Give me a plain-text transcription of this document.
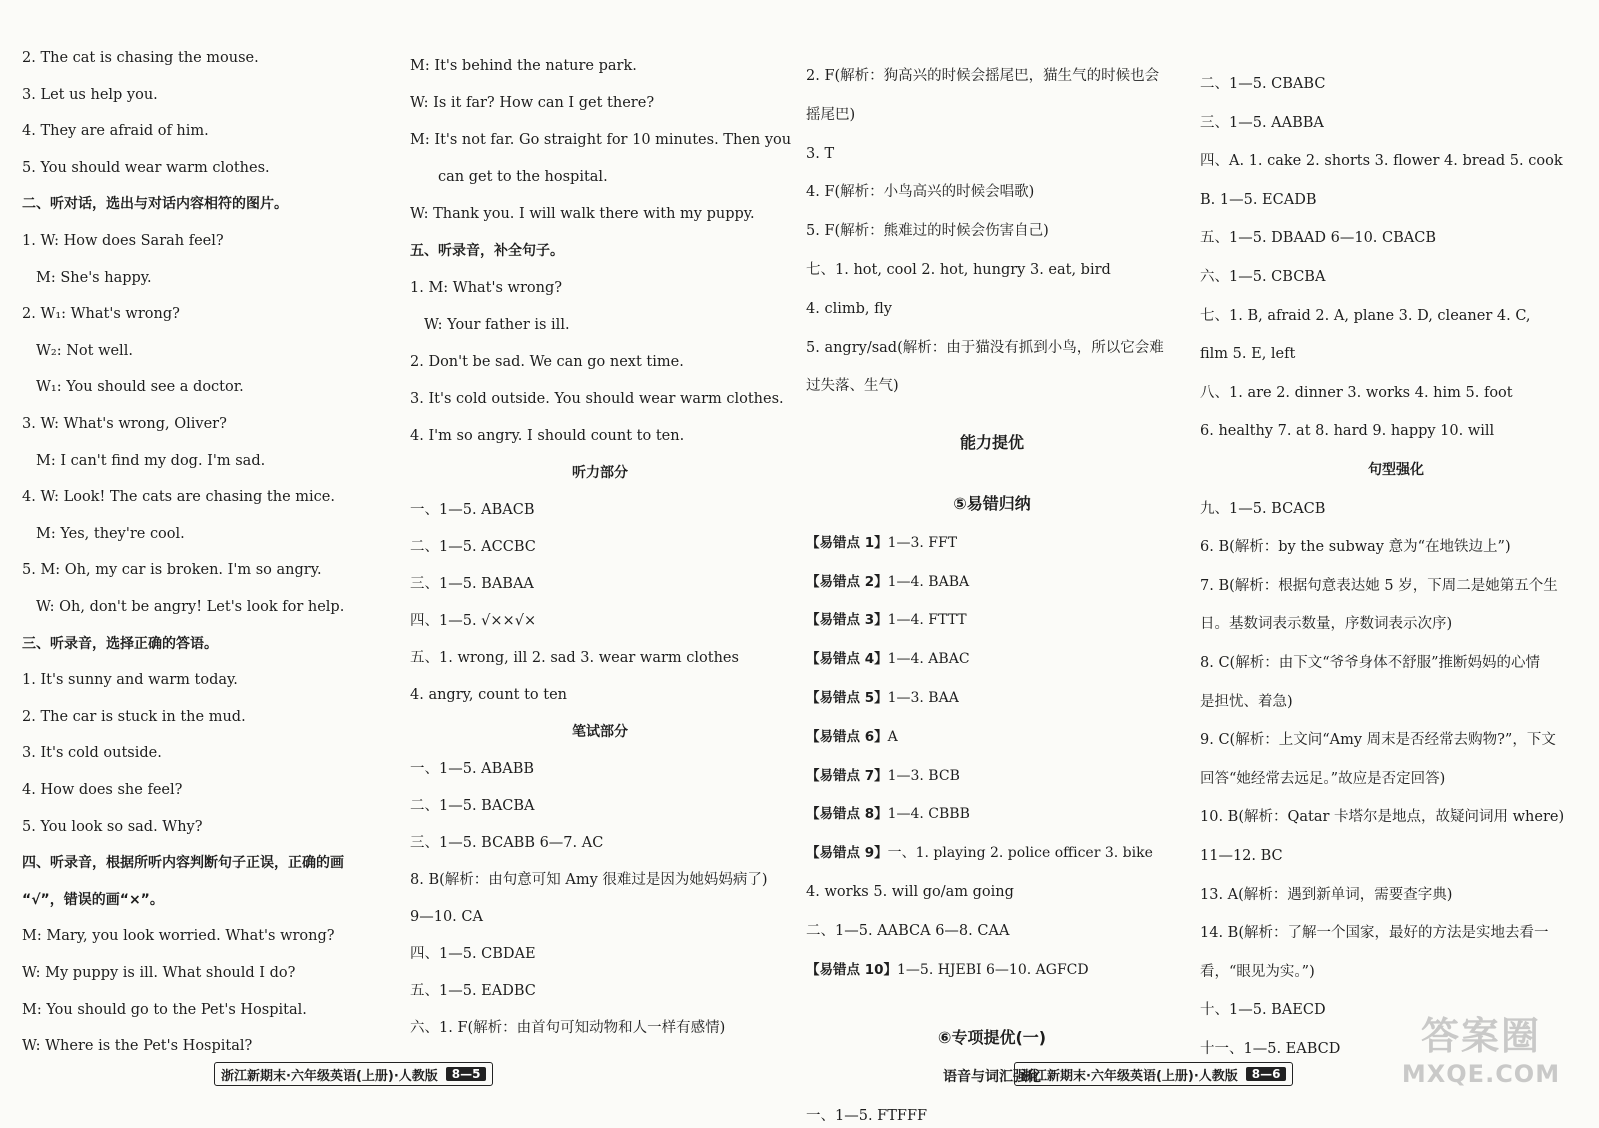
2. The cat is chasing the mouse.
3. Let us help you.
4. They are afraid of him.
5. You should wear warm clothes.
二、听对话，选出与对话内容相符的图片。
1. W: How does Sarah feel?
M: She's happy.
2. W₁: What's wrong?
W₂: Not well.
W₁: You should see a doctor.
3. W: What's wrong, Oliver?
M: I can't find my dog. I'm sad.
4. W: Look! The cats are chasing the mice.
M: Yes, they're cool.
5. M: Oh, my car is broken. I'm so angry.
W: Oh, don't be angry! Let's look for help.
三、听录音，选择正确的答语。
1. It's sunny and warm today.
2. The car is stuck in the mud.
3. It's cold outside.
4. How does she feel?
5. You look so sad. Why?
四、听录音，根据所听内容判断句子正误，正确的画
“√”，错误的画“×”。
M: Mary, you look worried. What's wrong?
W: My puppy is ill. What should I do?
M: You should go to the Pet's Hospital.
W: Where is the Pet's Hospital?
M: It's behind the nature park.
W: Is it far? How can I get there?
M: It's not far. Go straight for 10 minutes. Then you
can get to the hospital.
W: Thank you. I will walk there with my puppy.
五、听录音，补全句子。
1. M: What's wrong?
W: Your father is ill.
2. Don't be sad. We can go next time.
3. It's cold outside. You should wear warm clothes.
4. I'm so angry. I should count to ten.
听力部分
一、1—5. ABACB
二、1—5. ACCBC
三、1—5. BABAA
四、1—5. √××√×
五、1. wrong, ill 2. sad 3. wear warm clothes
4. angry, count to ten
笔试部分
一、1—5. ABABB
二、1—5. BACBA
三、1—5. BCABB 6—7. AC
8. B(解析：由句意可知 Amy 很难过是因为她妈妈病了)
9—10. CA
四、1—5. CBDAE
五、1—5. EADBC
六、1. F(解析：由首句可知动物和人一样有感情)
浙江新期末·六年级英语(上册)·人教版	8—5
2. F(解析：狗高兴的时候会摇尾巴，猫生气的时候也会
摇尾巴)
3. T
4. F(解析：小鸟高兴的时候会唱歌)
5. F(解析：熊难过的时候会伤害自己)
七、1. hot, cool 2. hot, hungry 3. eat, bird
4. climb, fly
5. angry/sad(解析：由于猫没有抓到小鸟，所以它会难
过失落、生气)
能力提优
⑤易错归纳
【易错点 1】1—3. FFT
【易错点 2】1—4. BABA
【易错点 3】1—4. FTTT
【易错点 4】1—4. ABAC
【易错点 5】1—3. BAA
【易错点 6】A
【易错点 7】1—3. BCB
【易错点 8】1—4. CBBB
【易错点 9】一、1. playing 2. police officer 3. bike
4. works 5. will go/am going
二、1—5. AABCA 6—8. CAA
【易错点 10】1—5. HJEBI 6—10. AGFCD
⑥专项提优(一)
语音与词汇强化
一、1—5. FTFFF
二、1—5. CBABC
三、1—5. AABBA
四、A. 1. cake 2. shorts 3. flower 4. bread 5. cook
B. 1—5. ECADB
五、1—5. DBAAD 6—10. CBACB
六、1—5. CBCBA
七、1. B, afraid 2. A, plane 3. D, cleaner 4. C,
film 5. E, left
八、1. are 2. dinner 3. works 4. him 5. foot
6. healthy 7. at 8. hard 9. happy 10. will
句型强化
九、1—5. BCACB
6. B(解析：by the subway 意为“在地铁边上”)
7. B(解析：根据句意表达她 5 岁，下周二是她第五个生
日。基数词表示数量，序数词表示次序)
8. C(解析：由下文“爷爷身体不舒服”推断妈妈的心情
是担忧、着急)
9. C(解析：上文问“Amy 周末是否经常去购物?”，下文
回答“她经常去远足。”故应是否定回答)
10. B(解析：Qatar 卡塔尔是地点，故疑问词用 where)
11—12. BC
13. A(解析：遇到新单词，需要查字典)
14. B(解析：了解一个国家，最好的方法是实地去看一
看，“眼见为实。”)
十、1—5. BAECD
十一、1—5. EABCD
浙江新期末·六年级英语(上册)·人教版	8—6
答案圈
MXQE.COM
